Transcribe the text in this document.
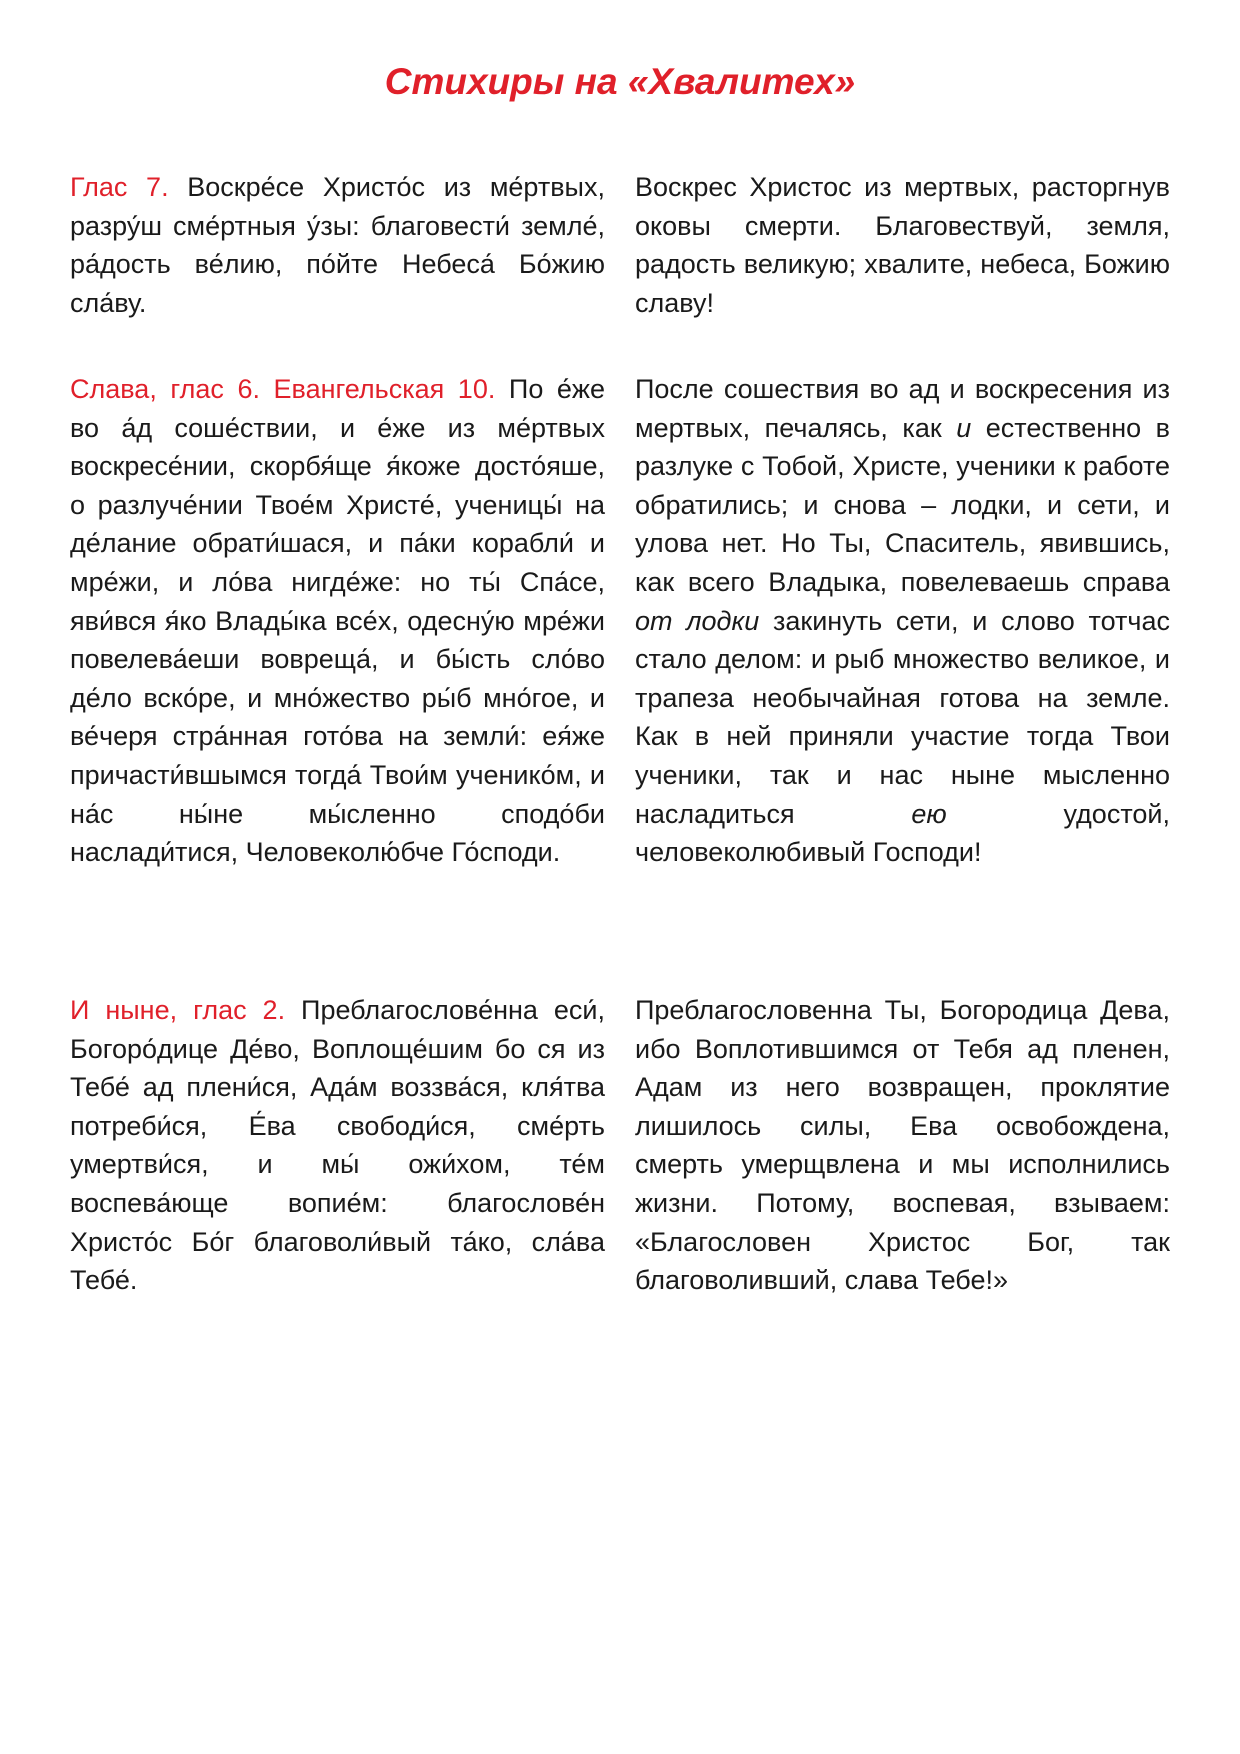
Стихиры на «Хвалитех»
Глас 7. Воскре́се Христо́с из ме́ртвых, разру́ш сме́ртныя у́зы: благовести́ земле́, ра́дость ве́лию, по́йте Небеса́ Бо́жию сла́ву.
Воскрес Христос из мертвых, расторгнув оковы смерти. Благовествуй, земля, радость великую; хвалите, небеса, Божию славу!
Слава, глас 6. Евангельская 10. По е́же во а́д соше́ствии, и е́же из ме́ртвых воскресе́нии, скорбя́ще я́коже досто́яше, о разлуче́нии Твое́м Христе́, ученицы́ на де́лание обрати́шася, и па́ки корабли́ и мре́жи, и ло́ва нигде́же: но ты́ Спа́се, яви́вся я́ко Влады́ка все́х, одесну́ю мре́жи повелева́еши вовреща́, и бы́сть сло́во де́ло вско́ре, и мно́жество ры́б мно́гое, и ве́черя стра́нная гото́ва на земли́: ея́же причасти́вшымся тогда́ Твои́м ученико́м, и на́с ны́не мы́сленно сподо́би наслади́тися, Человеколю́бче Го́споди.
После сошествия во ад и воскресения из мертвых, печалясь, как и естественно в разлуке с Тобой, Христе, ученики к работе обратились; и снова – лодки, и сети, и улова нет. Но Ты, Спаситель, явившись, как всего Владыка, повелеваешь справа от лодки закинуть сети, и слово тотчас стало делом: и рыб множество великое, и трапеза необычайная готова на земле. Как в ней приняли участие тогда Твои ученики, так и нас ныне мысленно насладиться	ею	удостой, человеколюбивый Господи!
И ныне, глас 2. Преблагослове́нна еси́, Богоро́дице Де́во, Воплоще́шим бо ся из Тебе́ ад плени́ся, Ада́м воззва́ся, кля́тва потреби́ся, Е́ва свободи́ся, сме́рть умертви́ся, и мы́ ожи́хом, те́м воспева́юще вопие́м: благослове́н Христо́с Бо́г благоволи́вый та́ко, сла́ва Тебе́.
Преблагословенна Ты, Богородица Дева, ибо Воплотившимся от Тебя ад пленен, Адам из него возвращен, проклятие лишилось силы, Ева освобождена, смерть умерщвлена и мы исполнились жизни. Потому, воспевая, взываем: «Благословен Христос Бог, так благоволивший, слава Тебе!»
